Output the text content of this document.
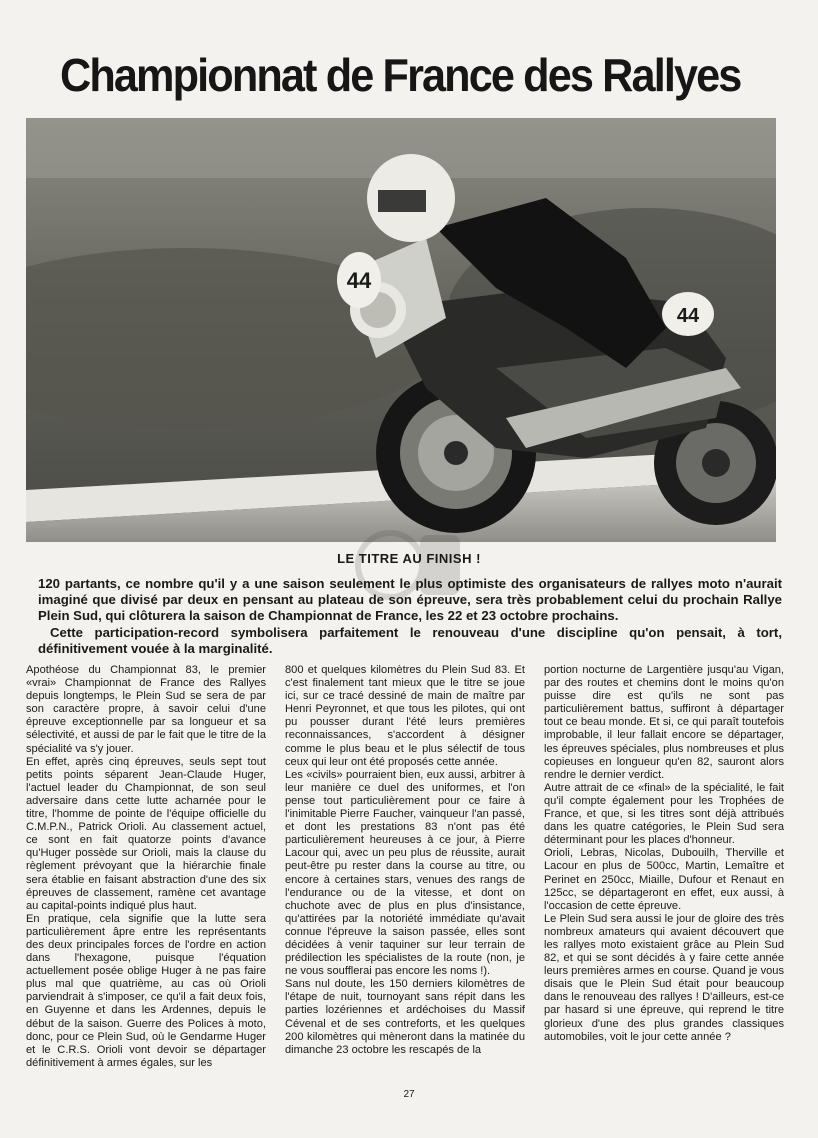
Championnat de France des Rallyes
44
44
LE TITRE AU FINISH !

120 partants, ce nombre qu'il y a une saison seulement le plus optimiste des organisateurs de rallyes moto n'aurait imaginé que divisé par deux en pensant au plateau de son épreuve, sera très probablement celui du prochain Rallye Plein Sud, qui clôturera la saison de Championnat de France, les 22 et 23 octobre prochains.

Cette participation-record symbolisera parfaitement le renouveau d'une discipline qu'on pensait, à tort, définitivement vouée à la marginalité.

Apothéose du Championnat 83, le premier «vrai» Championnat de France des Rallyes depuis longtemps, le Plein Sud se sera de par son caractère propre, à savoir celui d'une épreuve exceptionnelle par sa longueur et sa sélectivité, et aussi de par le fait que le titre de la spécialité va s'y jouer.

En effet, après cinq épreuves, seuls sept tout petits points séparent Jean-Claude Huger, l'actuel leader du Championnat, de son seul adversaire dans cette lutte acharnée pour le titre, l'homme de pointe de l'équipe officielle du C.M.P.N., Patrick Orioli. Au classement actuel, ce sont en fait quatorze points d'avance qu'Huger possède sur Orioli, mais la clause du règlement prévoyant que la hiérarchie finale sera établie en faisant abstraction d'une des six épreuves de classement, ramène cet avantage au capital-points indiqué plus haut.

En pratique, cela signifie que la lutte sera particulièrement âpre entre les représentants des deux principales forces de l'ordre en action dans l'hexagone, puisque l'équation actuellement posée oblige Huger à ne pas faire plus mal que quatrième, au cas où Orioli parviendrait à s'imposer, ce qu'il a fait deux fois, en Guyenne et dans les Ardennes, depuis le début de la saison. Guerre des Polices à moto, donc, pour ce Plein Sud, où le Gendarme Huger et le C.R.S. Orioli vont devoir se départager définitivement à armes égales, sur les

800 et quelques kilomètres du Plein Sud 83. Et c'est finalement tant mieux que le titre se joue ici, sur ce tracé dessiné de main de maître par Henri Peyronnet, et que tous les pilotes, qui ont pu pousser durant l'été leurs premières reconnaissances, s'accordent à désigner comme le plus beau et le plus sélectif de tous ceux qui leur ont été proposés cette année.

Les «civils» pourraient bien, eux aussi, arbitrer à leur manière ce duel des uniformes, et l'on pense tout particulièrement pour ce faire à l'inimitable Pierre Faucher, vainqueur l'an passé, et dont les prestations 83 n'ont pas été particulièrement heureuses à ce jour, à Pierre Lacour qui, avec un peu plus de réussite, aurait peut-être pu rester dans la course au titre, ou encore à certaines stars, venues des rangs de l'endurance ou de la vitesse, et dont on chuchote avec de plus en plus d'insistance, qu'attirées par la notoriété immédiate qu'avait connue l'épreuve la saison passée, elles sont décidées à venir taquiner sur leur terrain de prédilection les spécialistes de la route (non, je ne vous soufflerai pas encore les noms !).

Sans nul doute, les 150 derniers kilomètres de l'étape de nuit, tournoyant sans répit dans les parties lozériennes et ardéchoises du Massif Cévenal et de ses contreforts, et les quelques 200 kilomètres qui mèneront dans la matinée du dimanche 23 octobre les rescapés de la

portion nocturne de Largentière jusqu'au Vigan, par des routes et chemins dont le moins qu'on puisse dire est qu'ils ne sont pas particulièrement battus, suffiront à départager tout ce beau monde. Et si, ce qui paraît toutefois improbable, il leur fallait encore se départager, les épreuves spéciales, plus nombreuses et plus copieuses en longueur qu'en 82, sauront alors rendre le dernier verdict.

Autre attrait de ce «final» de la spécialité, le fait qu'il compte également pour les Trophées de France, et que, si les titres sont déjà attribués dans les quatre catégories, le Plein Sud sera déterminant pour les places d'honneur.

Orioli, Lebras, Nicolas, Dubouilh, Therville et Lacour en plus de 500cc, Martin, Lemaître et Perinet en 250cc, Miaille, Dufour et Renaut en 125cc, se départageront en effet, eux aussi, à l'occasion de cette épreuve.

Le Plein Sud sera aussi le jour de gloire des très nombreux amateurs qui avaient découvert que les rallyes moto existaient grâce au Plein Sud 82, et qui se sont décidés à y faire cette année leurs premières armes en course. Quand je vous disais que le Plein Sud était pour beaucoup dans le renouveau des rallyes ! D'ailleurs, est-ce par hasard si une épreuve, qui reprend le titre glorieux d'une des plus grandes classiques automobiles, voit le jour cette année ?

27
